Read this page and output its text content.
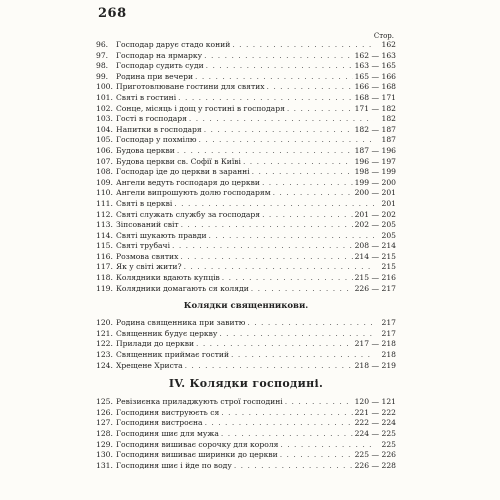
268
Стор.
96.	Господар дарує стадо коний . . .	162
97.	Господар на ярмарку . . .	162 — 163
98.	Господар судить суди . . .	163 — 165
99.	Родина при вечери . . .	165 — 166
100. Приготовлюване гостини для святих . . .	166 — 168
101. Святі в гостині . . .	168 — 171
102. Сонце, місяць і дощ у гостині в господаря . . .	171 — 182
103. Гості в господаря . . .	182
104. Напитки в господаря . . .	182 — 187
105. Господар у похмілю . . .	187
106. Будова церкви . . .	187 — 196
107. Будова церкви св. Софії в Київі . . .	196 — 197
108. Господар іде до церкви в заранні . . .	198 — 199
109. Ангели ведуть господаря до церкви . . .	199 — 200
110. Ангели випрошують долю господарям . . .	200 — 201
111. Святі в церкві . . .	201
112. Святі служать службу за господаря . . .	201 — 202
113. Зіпсований світ . . .	202 — 205
114. Святі шукають правди . . .	205
115. Святі трубачі . . .	208 — 214
116. Розмова святих . . .	214 — 215
117. Як у світі жити? . . .	215
118. Колядники вдають купців . . .	215 — 216
119. Колядники домагають ся коляди . . .	226 — 217
Колядки священникови.
120. Родина священника при завитю . . .	217
121. Священник будує церкву . . .	217
122. Прилади до церкви . . .	217 — 218
123. Священник приймає гостий . . .	218
124. Хрещене Христа . . .	218 — 219
IV. Колядки господині.
125. Ревізиєнка приладжують строї господині . . .	120 — 121
126. Господиня виструюєть ся . . .	221 — 222
127. Господиня вистроєна . . .	222 — 224
128. Господиня шиє для мужа . . .	224 — 225
129. Господиня вишиває сорочку для короля . . .	225
130. Господиня вишиває ширинки до церкви . . .	225 — 226
131. Господиня шиє і йде по воду . . .	226 — 228
